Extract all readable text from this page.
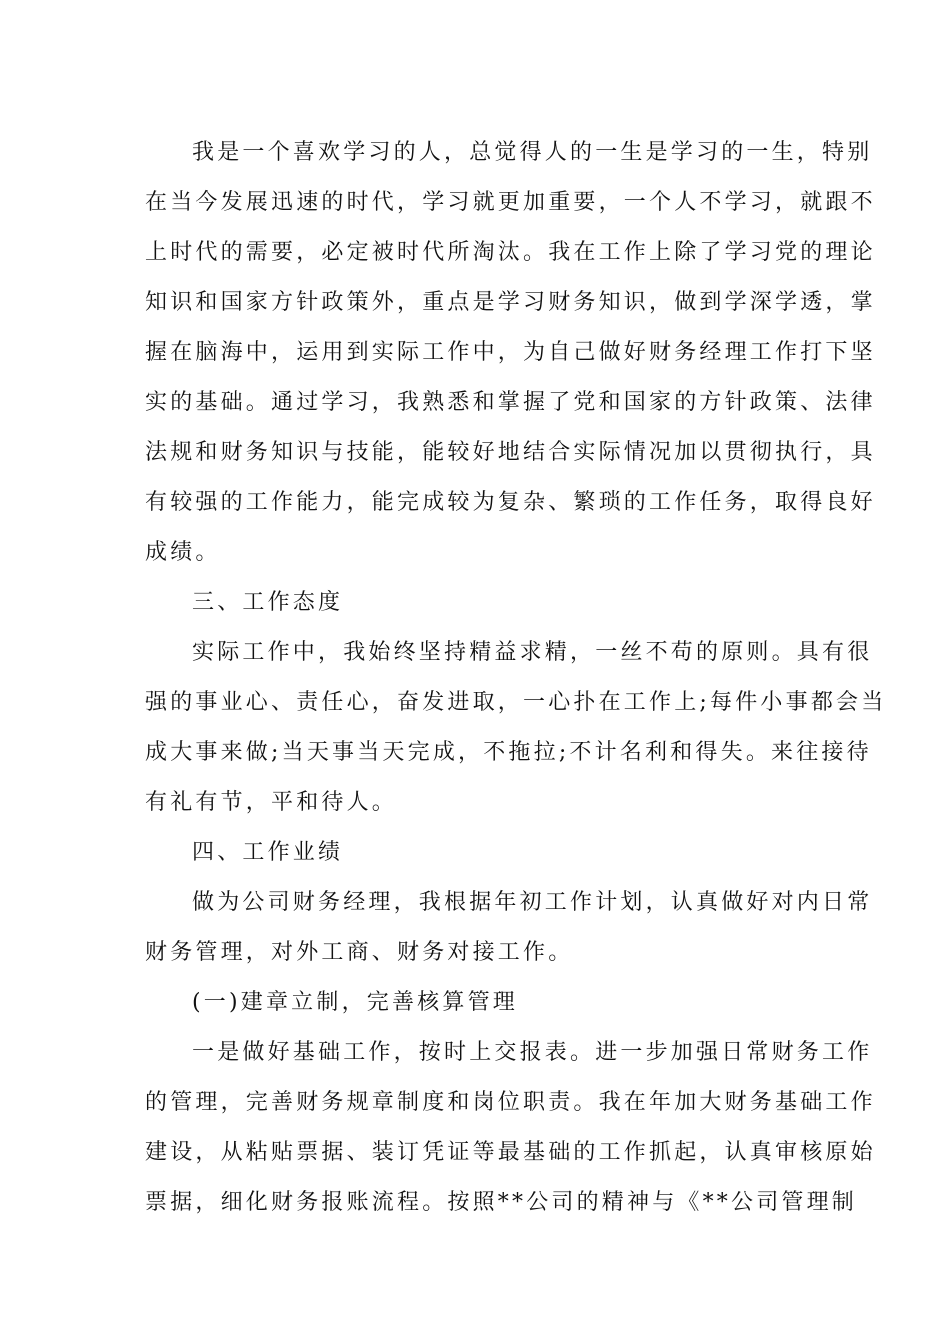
我是一个喜欢学习的人，总觉得人的一生是学习的一生，特别
在当今发展迅速的时代，学习就更加重要，一个人不学习，就跟不
上时代的需要，必定被时代所淘汰。我在工作上除了学习党的理论
知识和国家方针政策外，重点是学习财务知识，做到学深学透，掌
握在脑海中，运用到实际工作中，为自己做好财务经理工作打下坚
实的基础。通过学习，我熟悉和掌握了党和国家的方针政策、法律
法规和财务知识与技能，能较好地结合实际情况加以贯彻执行，具
有较强的工作能力，能完成较为复杂、繁琐的工作任务，取得良好
成绩。
三、工作态度
实际工作中，我始终坚持精益求精，一丝不苟的原则。具有很
强的事业心、责任心，奋发进取，一心扑在工作上;每件小事都会当
成大事来做;当天事当天完成，不拖拉;不计名利和得失。来往接待
有礼有节，平和待人。
四、工作业绩
做为公司财务经理，我根据年初工作计划，认真做好对内日常
财务管理，对外工商、财务对接工作。
(一)建章立制，完善核算管理
一是做好基础工作，按时上交报表。进一步加强日常财务工作
的管理，完善财务规章制度和岗位职责。我在年加大财务基础工作
建设，从粘贴票据、装订凭证等最基础的工作抓起，认真审核原始
票据，细化财务报账流程。按照**公司的精神与《**公司管理制
